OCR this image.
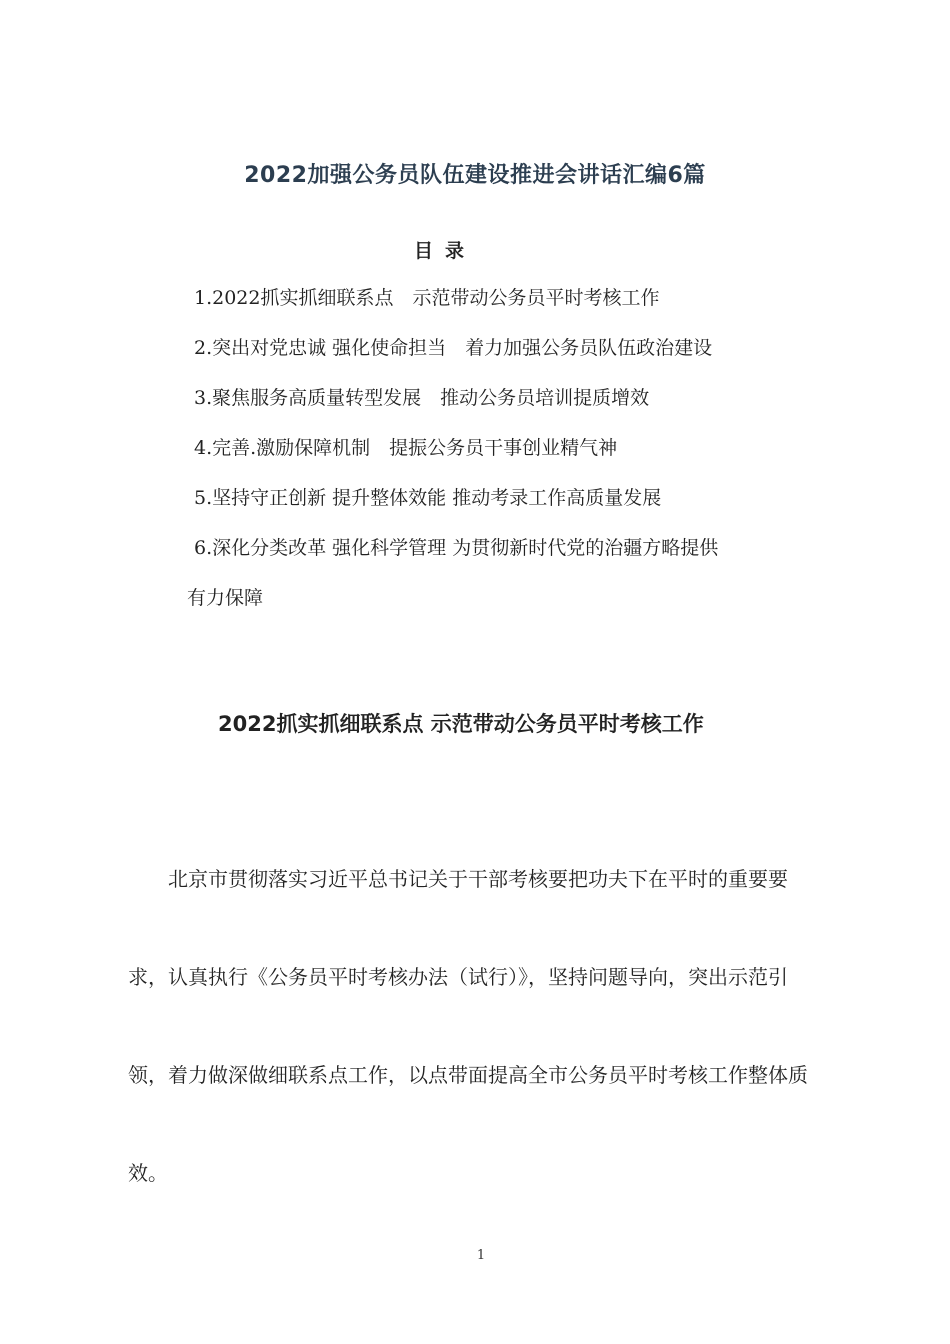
2022加强公务员队伍建设推进会讲话汇编6篇
目录
1.2022抓实抓细联系点　示范带动公务员平时考核工作
2.突出对党忠诚 强化使命担当　着力加强公务员队伍政治建设
3.聚焦服务高质量转型发展　推动公务员培训提质增效
4.完善.激励保障机制　提振公务员干事创业精气神
5.坚持守正创新 提升整体效能 推动考录工作高质量发展
6.深化分类改革 强化科学管理 为贯彻新时代党的治疆方略提供
有力保障
2022抓实抓细联系点 示范带动公务员平时考核工作

北京市贯彻落实习近平总书记关于干部考核要把功夫下在平时的重要要求，认真执行《公务员平时考核办法（试行）》，坚持问题导向，突出示范引领，着力做深做细联系点工作，以点带面提高全市公务员平时考核工作整体质效。

1
